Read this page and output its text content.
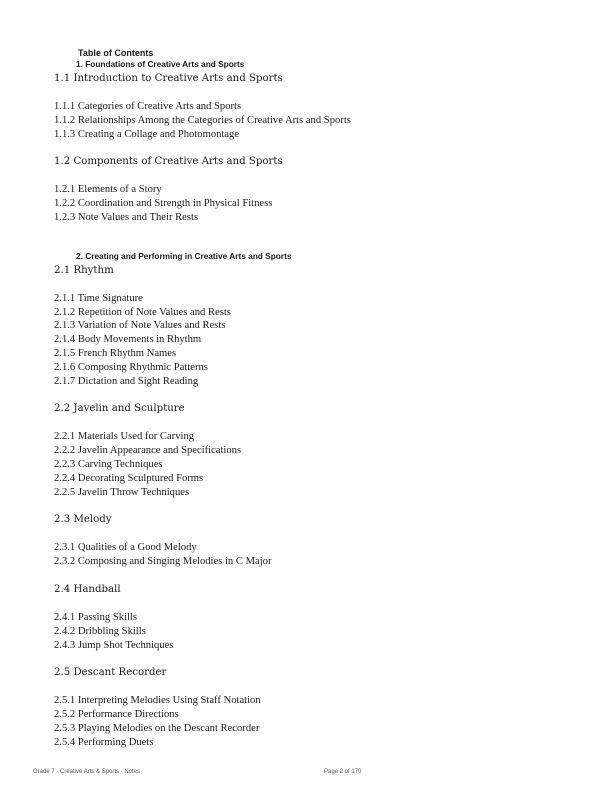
Table of Contents
1. Foundations of Creative Arts and Sports
1.1 Introduction to Creative Arts and Sports
1.1.1 Categories of Creative Arts and Sports
1.1.2 Relationships Among the Categories of Creative Arts and Sports
1.1.3 Creating a Collage and Photomontage
1.2 Components of Creative Arts and Sports
1.2.1 Elements of a Story
1.2.2 Coordination and Strength in Physical Fitness
1.2.3 Note Values and Their Rests
2. Creating and Performing in Creative Arts and Sports
2.1 Rhythm
2.1.1 Time Signature
2.1.2 Repetition of Note Values and Rests
2.1.3 Variation of Note Values and Rests
2.1.4 Body Movements in Rhythm
2.1.5 French Rhythm Names
2.1.6 Composing Rhythmic Patterns
2.1.7 Dictation and Sight Reading
2.2 Javelin and Sculpture
2.2.1 Materials Used for Carving
2.2.2 Javelin Appearance and Specifications
2.2.3 Carving Techniques
2.2.4 Decorating Sculptured Forms
2.2.5 Javelin Throw Techniques
2.3 Melody
2.3.1 Qualities of a Good Melody
2.3.2 Composing and Singing Melodies in C Major
2.4 Handball
2.4.1 Passing Skills
2.4.2 Dribbling Skills
2.4.3 Jump Shot Techniques
2.5 Descant Recorder
2.5.1 Interpreting Melodies Using Staff Notation
2.5.2 Performance Directions
2.5.3 Playing Melodies on the Descant Recorder
2.5.4 Performing Duets
Grade 7 · Creative Arts & Sports · Notes	Page 2 of 170
